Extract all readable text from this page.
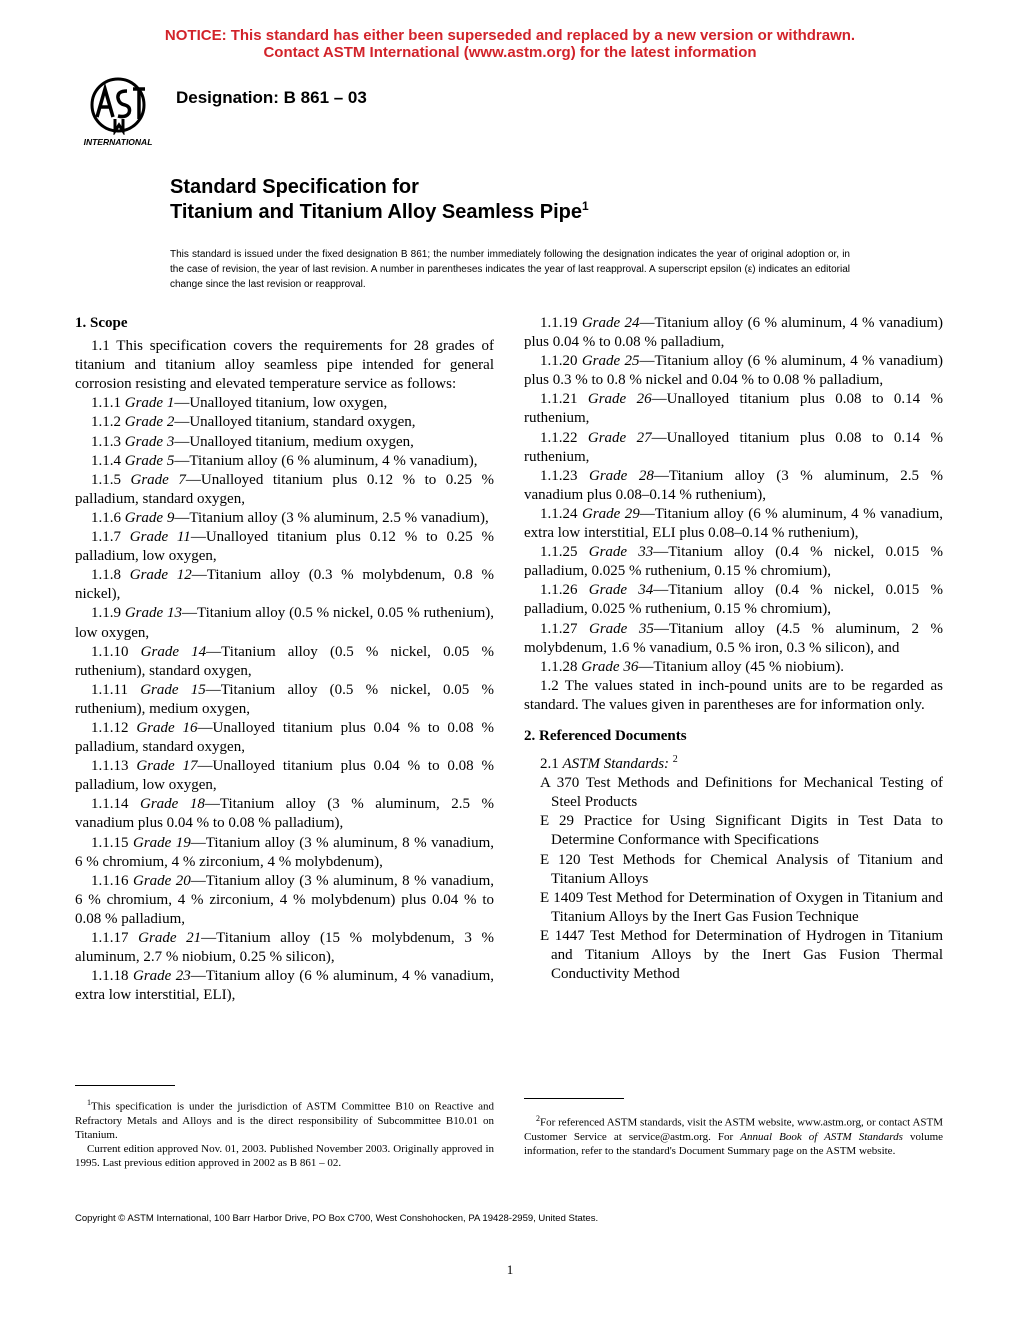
NOTICE: This standard has either been superseded and replaced by a new version or withdrawn.
Contact ASTM International (www.astm.org) for the latest information
INTERNATIONAL
Designation: B 861 – 03
Standard Specification for
Titanium and Titanium Alloy Seamless Pipe$^1$
This standard is issued under the fixed designation B 861; the number immediately following the designation indicates the year of original adoption or, in the case of revision, the year of last revision. A number in parentheses indicates the year of last reapproval. A superscript epsilon (ε) indicates an editorial change since the last revision or reapproval.
1. Scope
1.1 This specification covers the requirements for 28 grades of titanium and titanium alloy seamless pipe intended for general corrosion resisting and elevated temperature service as follows:
1.1.1 Grade 1—Unalloyed titanium, low oxygen,
1.1.2 Grade 2—Unalloyed titanium, standard oxygen,
1.1.3 Grade 3—Unalloyed titanium, medium oxygen,
1.1.4 Grade 5—Titanium alloy (6 % aluminum, 4 % vanadium),
1.1.5 Grade 7—Unalloyed titanium plus 0.12 % to 0.25 % palladium, standard oxygen,
1.1.6 Grade 9—Titanium alloy (3 % aluminum, 2.5 % vanadium),
1.1.7 Grade 11—Unalloyed titanium plus 0.12 % to 0.25 % palladium, low oxygen,
1.1.8 Grade 12—Titanium alloy (0.3 % molybdenum, 0.8 % nickel),
1.1.9 Grade 13—Titanium alloy (0.5 % nickel, 0.05 % ruthenium), low oxygen,
1.1.10 Grade 14—Titanium alloy (0.5 % nickel, 0.05 % ruthenium), standard oxygen,
1.1.11 Grade 15—Titanium alloy (0.5 % nickel, 0.05 % ruthenium), medium oxygen,
1.1.12 Grade 16—Unalloyed titanium plus 0.04 % to 0.08 % palladium, standard oxygen,
1.1.13 Grade 17—Unalloyed titanium plus 0.04 % to 0.08 % palladium, low oxygen,
1.1.14 Grade 18—Titanium alloy (3 % aluminum, 2.5 % vanadium plus 0.04 % to 0.08 % palladium),
1.1.15 Grade 19—Titanium alloy (3 % aluminum, 8 % vanadium, 6 % chromium, 4 % zirconium, 4 % molybdenum),
1.1.16 Grade 20—Titanium alloy (3 % aluminum, 8 % vanadium, 6 % chromium, 4 % zirconium, 4 % molybdenum) plus 0.04 % to 0.08 % palladium,
1.1.17 Grade 21—Titanium alloy (15 % molybdenum, 3 % aluminum, 2.7 % niobium, 0.25 % silicon),
1.1.18 Grade 23—Titanium alloy (6 % aluminum, 4 % vanadium, extra low interstitial, ELI),
1.1.19 Grade 24—Titanium alloy (6 % aluminum, 4 % vanadium) plus 0.04 % to 0.08 % palladium,
1.1.20 Grade 25—Titanium alloy (6 % aluminum, 4 % vanadium) plus 0.3 % to 0.8 % nickel and 0.04 % to 0.08 % palladium,
1.1.21 Grade 26—Unalloyed titanium plus 0.08 to 0.14 % ruthenium,
1.1.22 Grade 27—Unalloyed titanium plus 0.08 to 0.14 % ruthenium,
1.1.23 Grade 28—Titanium alloy (3 % aluminum, 2.5 % vanadium plus 0.08–0.14 % ruthenium),
1.1.24 Grade 29—Titanium alloy (6 % aluminum, 4 % vanadium, extra low interstitial, ELI plus 0.08–0.14 % ruthenium),
1.1.25 Grade 33—Titanium alloy (0.4 % nickel, 0.015 % palladium, 0.025 % ruthenium, 0.15 % chromium),
1.1.26 Grade 34—Titanium alloy (0.4 % nickel, 0.015 % palladium, 0.025 % ruthenium, 0.15 % chromium),
1.1.27 Grade 35—Titanium alloy (4.5 % aluminum, 2 % molybdenum, 1.6 % vanadium, 0.5 % iron, 0.3 % silicon), and
1.1.28 Grade 36—Titanium alloy (45 % niobium).
1.2 The values stated in inch-pound units are to be regarded as standard. The values given in parentheses are for information only.
2. Referenced Documents
2.1 ASTM Standards: $^2$
A 370 Test Methods and Definitions for Mechanical Testing of Steel Products
E 29 Practice for Using Significant Digits in Test Data to Determine Conformance with Specifications
E 120 Test Methods for Chemical Analysis of Titanium and Titanium Alloys
E 1409 Test Method for Determination of Oxygen in Titanium and Titanium Alloys by the Inert Gas Fusion Technique
E 1447 Test Method for Determination of Hydrogen in Titanium and Titanium Alloys by the Inert Gas Fusion Thermal Conductivity Method

$^1$This specification is under the jurisdiction of ASTM Committee B10 on Reactive and Refractory Metals and Alloys and is the direct responsibility of Subcommittee B10.01 on Titanium.

Current edition approved Nov. 01, 2003. Published November 2003. Originally approved in 1995. Last previous edition approved in 2002 as B 861 – 02.

$^2$For referenced ASTM standards, visit the ASTM website, www.astm.org, or contact ASTM Customer Service at service@astm.org. For Annual Book of ASTM Standards volume information, refer to the standard's Document Summary page on the ASTM website.

Copyright © ASTM International, 100 Barr Harbor Drive, PO Box C700, West Conshohocken, PA 19428-2959, United States.
1
